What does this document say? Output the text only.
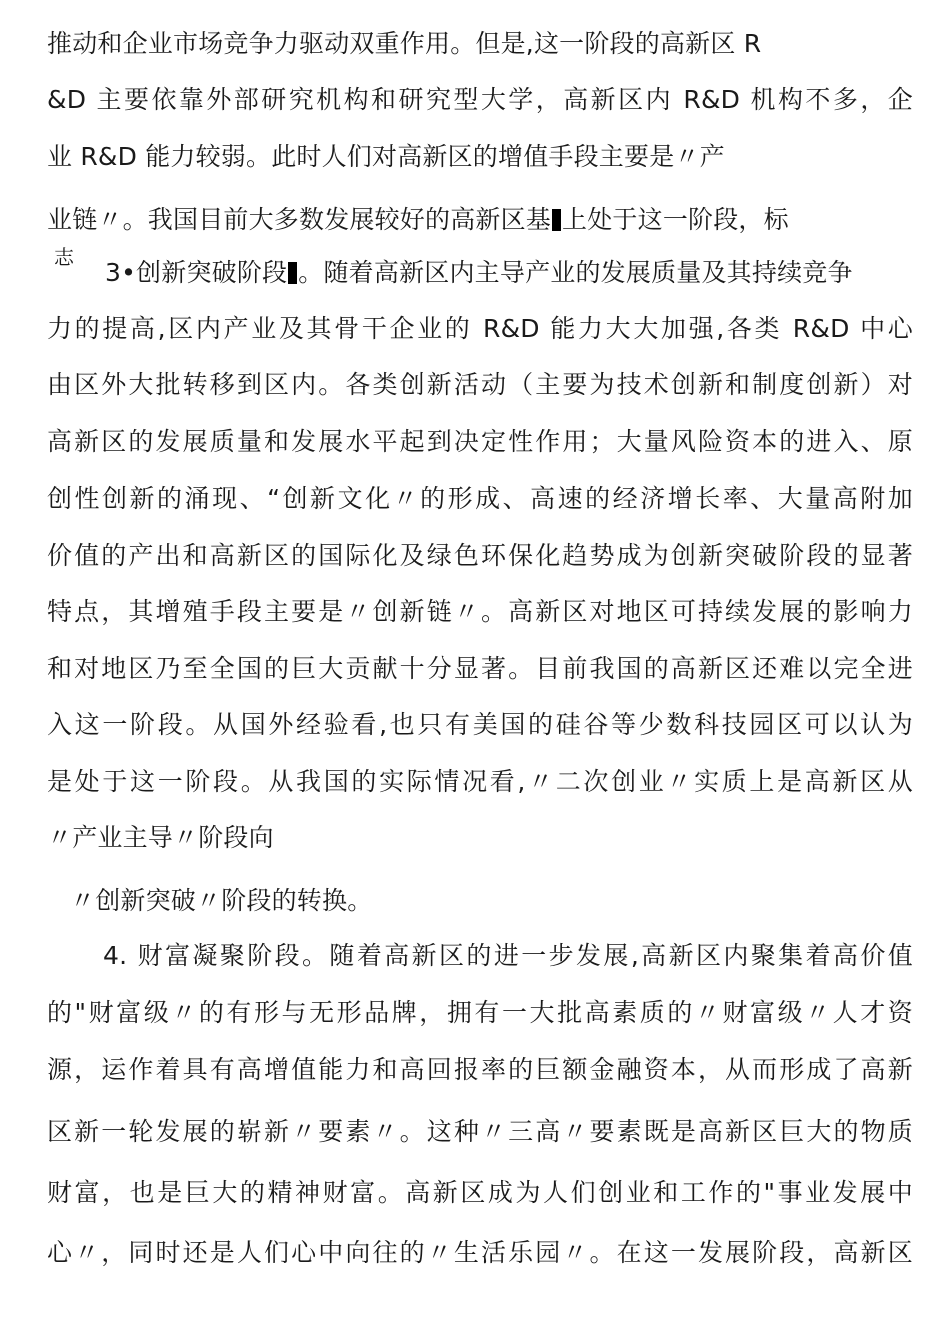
推动和企业市场竞争力驱动双重作用。但是,这一阶段的高新区 R
&D 主要依靠外部研究机构和研究型大学，高新区内 R&D 机构不多，企
业 R&D 能力较弱。此时人们对高新区的增值手段主要是〃产
业链〃。我国目前大多数发展较好的高新区基 上处于这一阶段，标
志
3•创新突破阶段 。随着高新区内主导产业的发展质量及其持续竞争
力的提高,区内产业及其骨干企业的 R&D 能力大大加强,各类 R&D 中心
由区外大批转移到区内。各类创新活动（主要为技术创新和制度创新）对
高新区的发展质量和发展水平起到决定性作用；大量风险资本的进入、原
创性创新的涌现、“创新文化〃的形成、高速的经济增长率、大量高附加
价值的产出和高新区的国际化及绿色环保化趋势成为创新突破阶段的显著
特点，其增殖手段主要是〃创新链〃。高新区对地区可持续发展的影响力
和对地区乃至全国的巨大贡献十分显著。目前我国的高新区还难以完全进
入这一阶段。从国外经验看,也只有美国的硅谷等少数科技园区可以认为
是处于这一阶段。从我国的实际情况看,〃二次创业〃实质上是高新区从
〃产业主导〃阶段向
〃创新突破〃阶段的转换。
4. 财富凝聚阶段。随着高新区的进一步发展,高新区内聚集着高价值
的"财富级〃的有形与无形品牌，拥有一大批高素质的〃财富级〃人才资
源，运作着具有高增值能力和高回报率的巨额金融资本，从而形成了高新
区新一轮发展的崭新〃要素〃。这种〃三高〃要素既是高新区巨大的物质
财富，也是巨大的精神财富。高新区成为人们创业和工作的"事业发展中
心〃，同时还是人们心中向往的〃生活乐园〃。在这一发展阶段，高新区
